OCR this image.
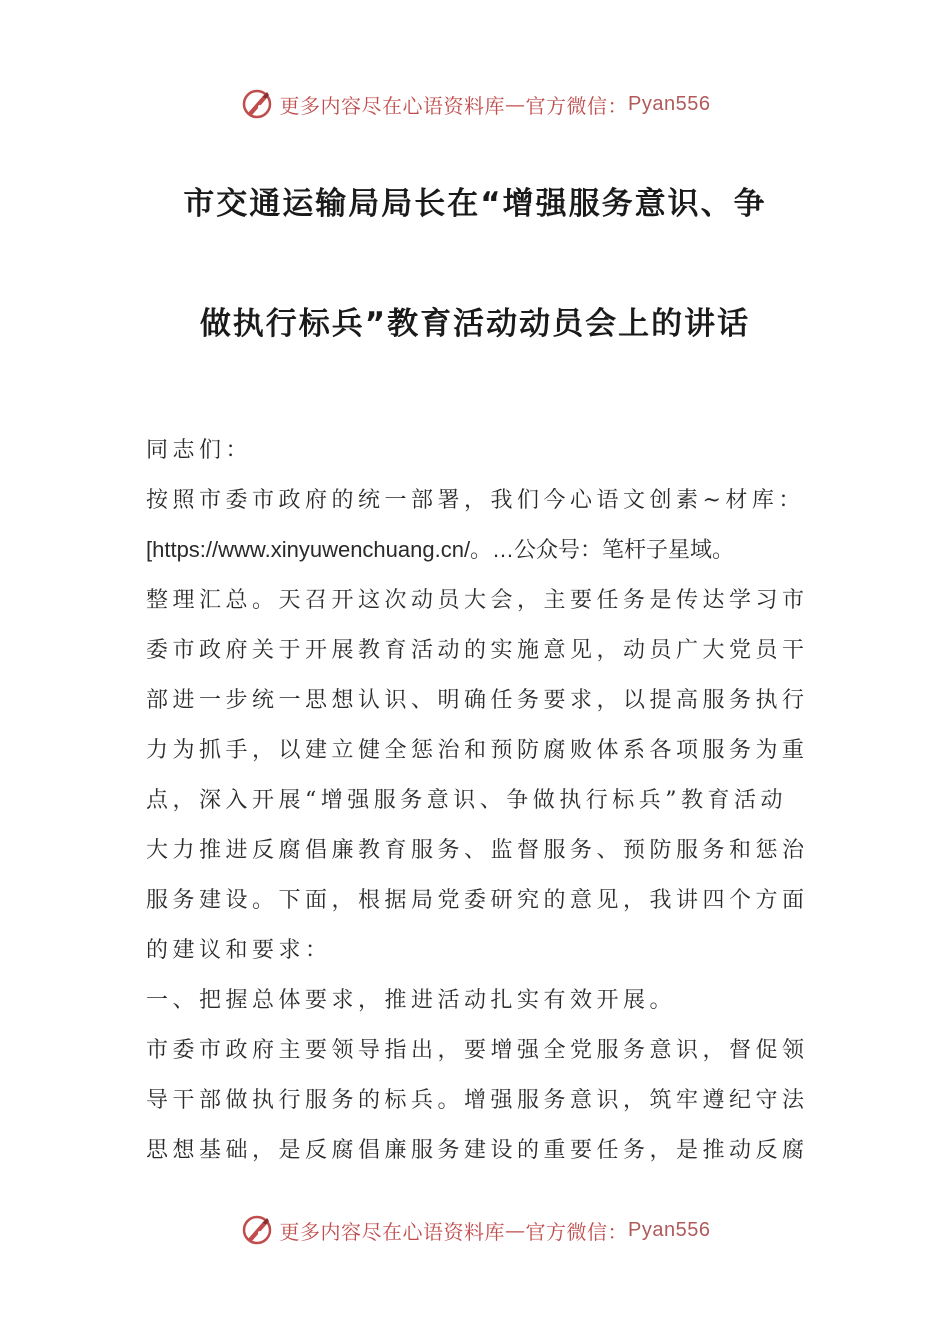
更多内容尽在心语资料库 — 官方微信： Pyan556
市交通运输局局长在“增强服务意识、争
做执行标兵”教育活动动员会上的讲话
同志们：
按照市委市政府的统一部署，我们今心语文创素~材库：
[https://www.xinyuwenchuang.cn/。…公众号：笔杆子星域。
整理汇总。天召开这次动员大会，主要任务是传达学习市
委市政府关于开展教育活动的实施意见，动员广大党员干
部进一步统一思想认识、明确任务要求，以提高服务执行
力为抓手，以建立健全惩治和预防腐败体系各项服务为重
点，深入开展“增强服务意识、争做执行标兵”教育活动
大力推进反腐倡廉教育服务、监督服务、预防服务和惩治
服务建设。下面，根据局党委研究的意见，我讲四个方面
的建议和要求：
一、把握总体要求，推进活动扎实有效开展。
市委市政府主要领导指出，要增强全党服务意识，督促领
导干部做执行服务的标兵。增强服务意识，筑牢遵纪守法
思想基础，是反腐倡廉服务建设的重要任务，是推动反腐
更多内容尽在心语资料库 — 官方微信： Pyan556
